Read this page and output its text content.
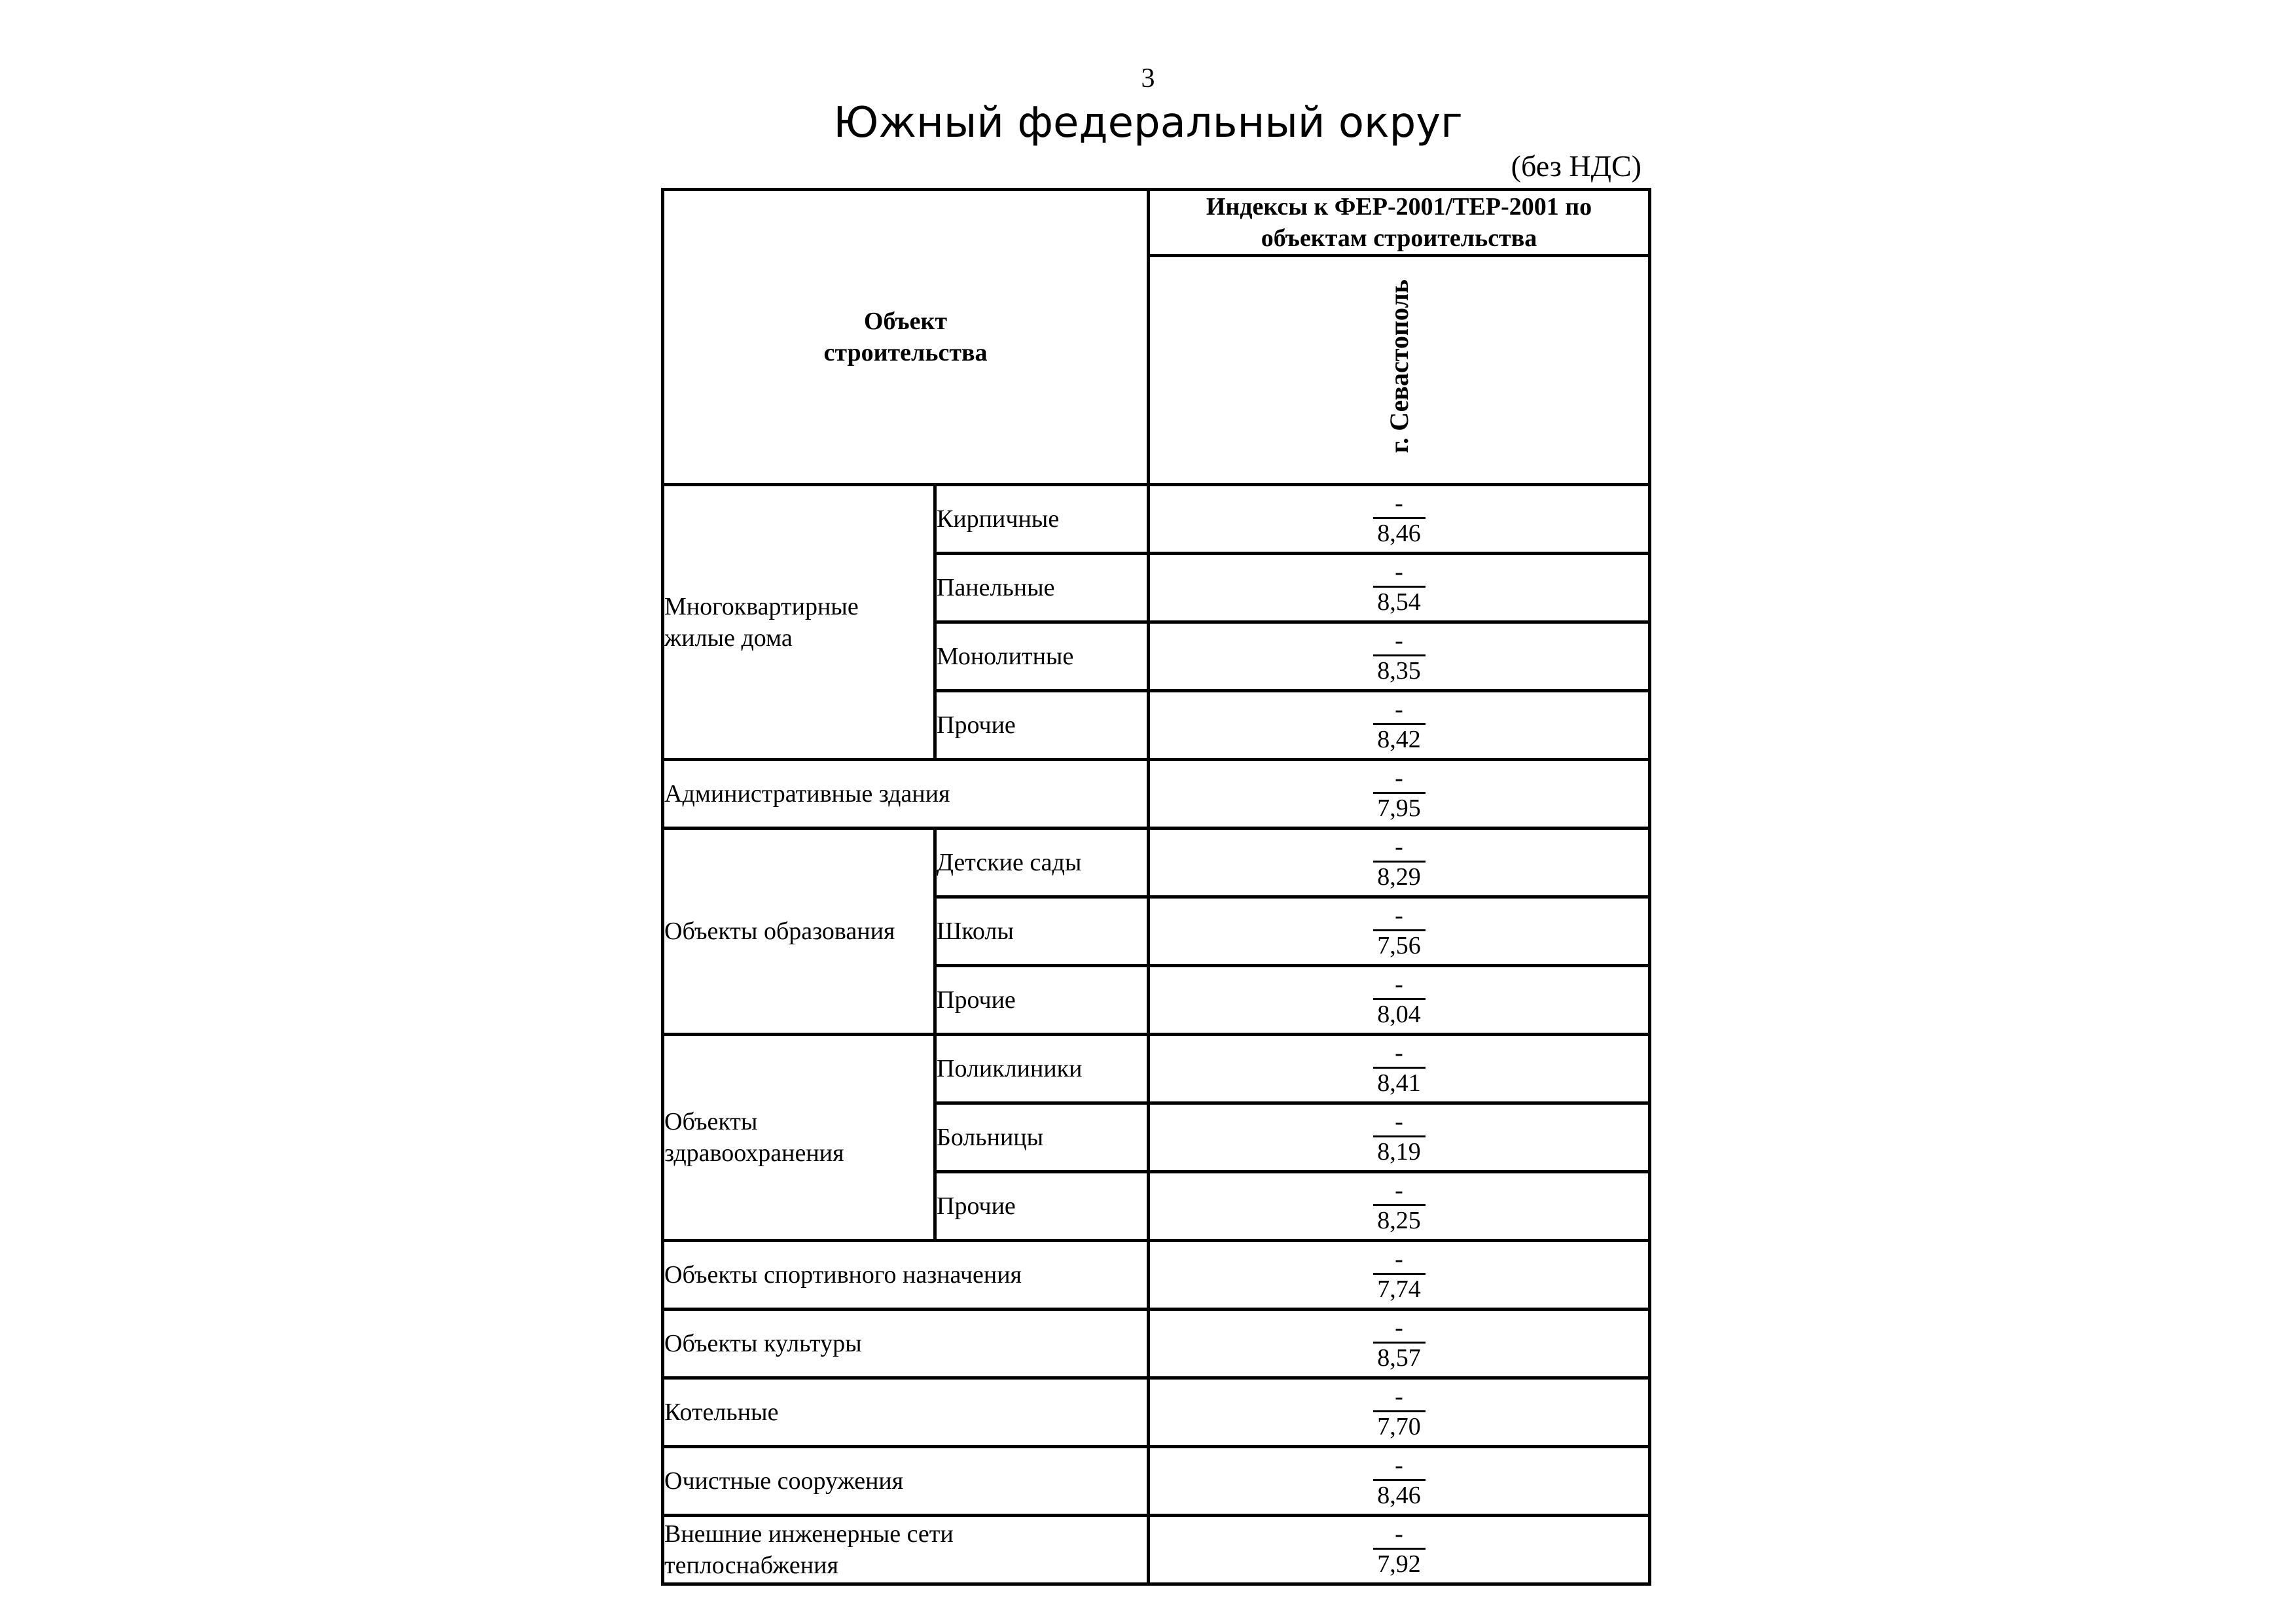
3
Южный федеральный округ
(без НДС)
Объект строительства		Индексы к ФЕР-2001/ТЕР-2001 по объектам строительства
		г. Севастополь
Многоквартирные жилые дома	Кирпичные	$\frac{-}{8,46}$

	Панельные	$\frac{-}{8,54}$

	Монолитные	$\frac{-}{8,35}$

	Прочие	$\frac{-}{8,42}$

Административные здания		$\frac{-}{7,95}$

Объекты образования	Детские сады	$\frac{-}{8,29}$

	Школы	$\frac{-}{7,56}$

	Прочие	$\frac{-}{8,04}$

Объекты здравоохранения	Поликлиники	$\frac{-}{8,41}$

	Больницы	$\frac{-}{8,19}$

	Прочие	$\frac{-}{8,25}$

Объекты спортивного назначения		$\frac{-}{7,74}$

Объекты культуры		$\frac{-}{8,57}$

Котельные		$\frac{-}{7,70}$

Очистные сооружения		$\frac{-}{8,46}$

Внешние инженерные сети теплоснабжения		$\frac{-}{7,92}$
